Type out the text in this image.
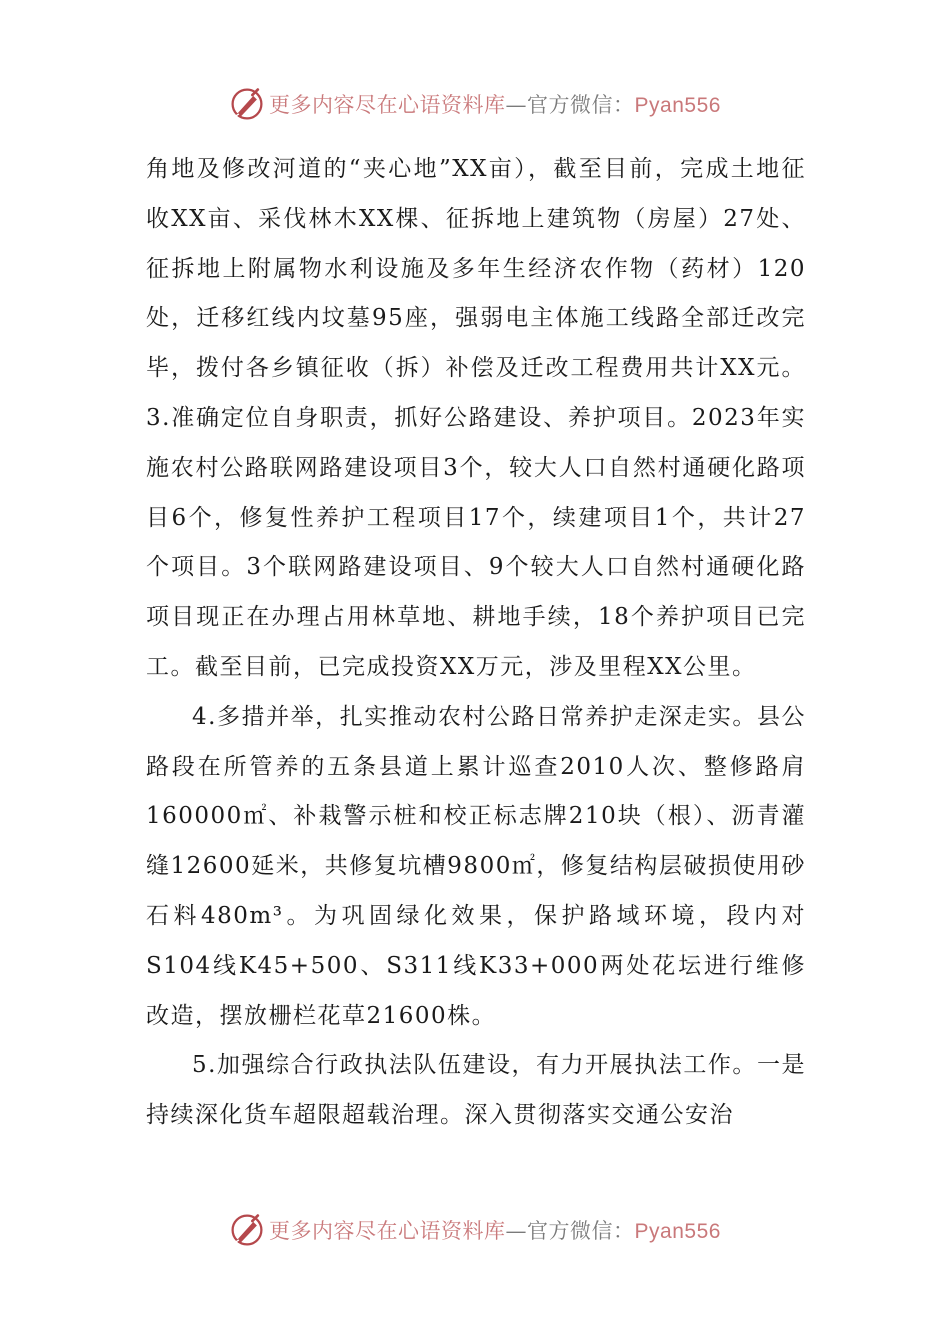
更多内容尽在心语资料库—官方微信：Pyan556

角地及修改河道的“夹心地”XX亩），截至目前，完成土地征收XX亩、采伐林木XX棵、征拆地上建筑物（房屋）27处、征拆地上附属物水利设施及多年生经济农作物（药材）120处，迁移红线内坟墓95座，强弱电主体施工线路全部迁改完毕，拨付各乡镇征收（拆）补偿及迁改工程费用共计XX元。3.准确定位自身职责，抓好公路建设、养护项目。2023年实施农村公路联网路建设项目3个，较大人口自然村通硬化路项目6个，修复性养护工程项目17个，续建项目1个，共计27个项目。3个联网路建设项目、9个较大人口自然村通硬化路项目现正在办理占用林草地、耕地手续，18个养护项目已完工。截至目前，已完成投资XX万元，涉及里程XX公里。

4.多措并举，扎实推动农村公路日常养护走深走实。县公路段在所管养的五条县道上累计巡查2010人次、整修路肩160000㎡、补栽警示桩和校正标志牌210块（根）、沥青灌缝12600延米，共修复坑槽9800㎡，修复结构层破损使用砂石料480m³。为巩固绿化效果，保护路域环境，段内对S104线K45+500、S311线K33+000两处花坛进行维修改造，摆放栅栏花草21600株。

5.加强综合行政执法队伍建设，有力开展执法工作。一是持续深化货车超限超载治理。深入贯彻落实交通公安治

更多内容尽在心语资料库—官方微信：Pyan556
